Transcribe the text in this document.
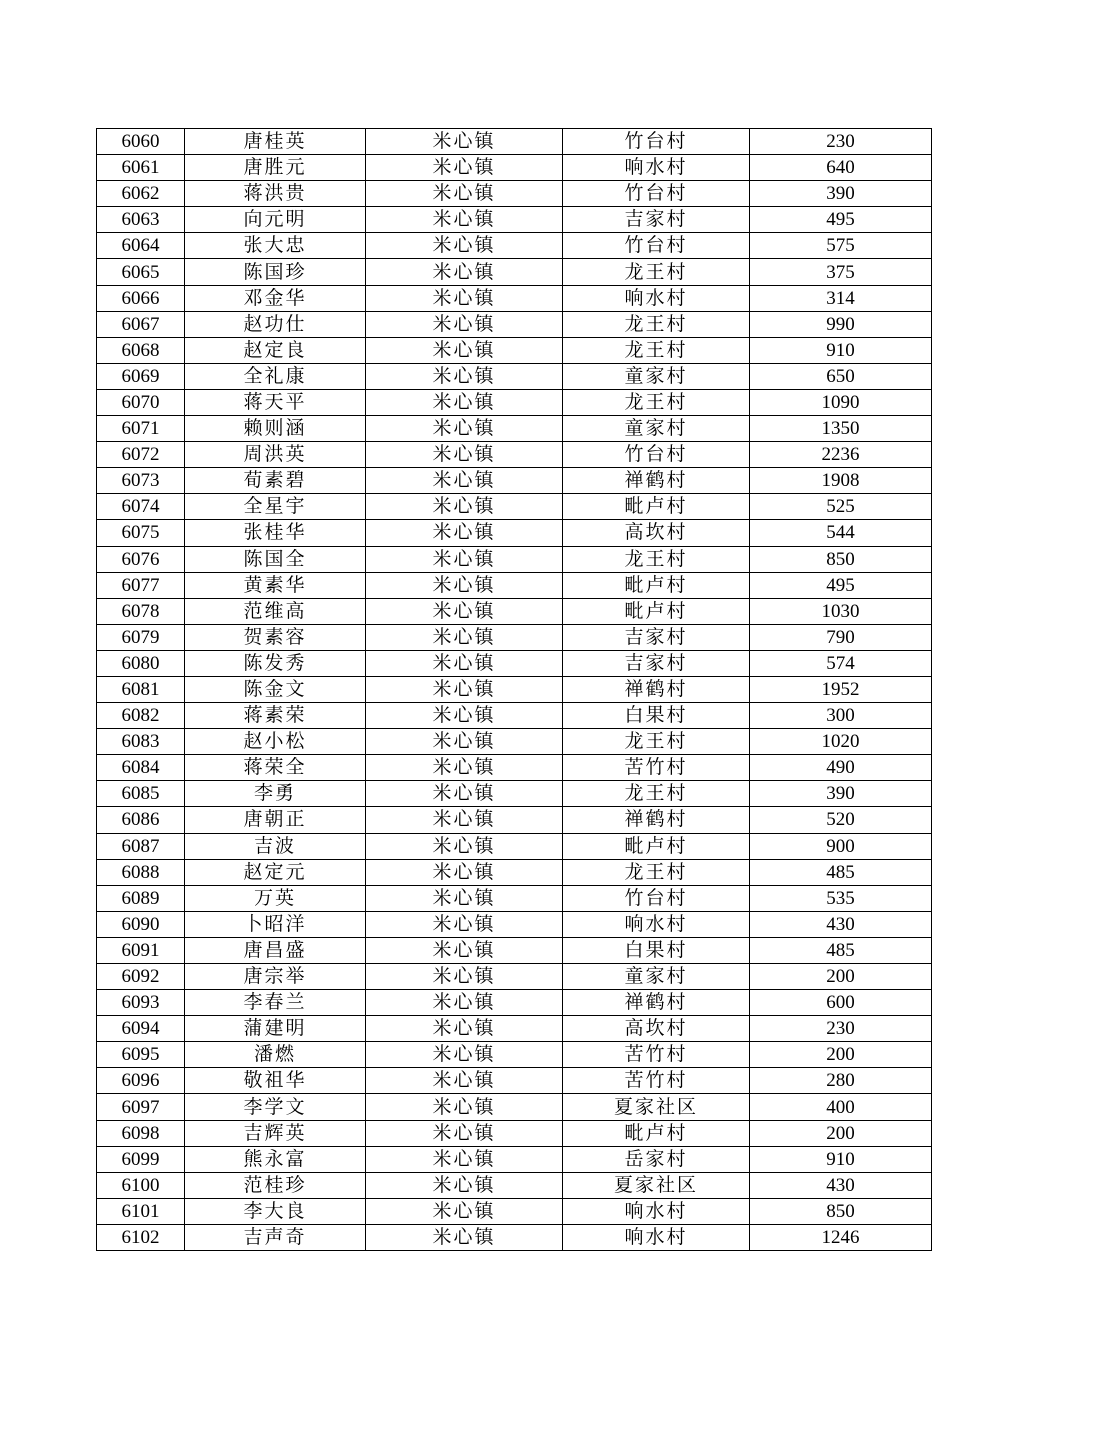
6060	唐桂英	米心镇	竹台村	230
6061	唐胜元	米心镇	响水村	640
6062	蒋洪贵	米心镇	竹台村	390
6063	向元明	米心镇	吉家村	495
6064	张大忠	米心镇	竹台村	575
6065	陈国珍	米心镇	龙王村	375
6066	邓金华	米心镇	响水村	314
6067	赵功仕	米心镇	龙王村	990
6068	赵定良	米心镇	龙王村	910
6069	全礼康	米心镇	童家村	650
6070	蒋天平	米心镇	龙王村	1090
6071	赖则涵	米心镇	童家村	1350
6072	周洪英	米心镇	竹台村	2236
6073	荀素碧	米心镇	禅鹤村	1908
6074	全星宇	米心镇	毗卢村	525
6075	张桂华	米心镇	高坎村	544
6076	陈国全	米心镇	龙王村	850
6077	黄素华	米心镇	毗卢村	495
6078	范维高	米心镇	毗卢村	1030
6079	贺素容	米心镇	吉家村	790
6080	陈发秀	米心镇	吉家村	574
6081	陈金文	米心镇	禅鹤村	1952
6082	蒋素荣	米心镇	白果村	300
6083	赵小松	米心镇	龙王村	1020
6084	蒋荣全	米心镇	苦竹村	490
6085	李勇	米心镇	龙王村	390
6086	唐朝正	米心镇	禅鹤村	520
6087	吉波	米心镇	毗卢村	900
6088	赵定元	米心镇	龙王村	485
6089	万英	米心镇	竹台村	535
6090	卜昭洋	米心镇	响水村	430
6091	唐昌盛	米心镇	白果村	485
6092	唐宗举	米心镇	童家村	200
6093	李春兰	米心镇	禅鹤村	600
6094	蒲建明	米心镇	高坎村	230
6095	潘燃	米心镇	苦竹村	200
6096	敬祖华	米心镇	苦竹村	280
6097	李学文	米心镇	夏家社区	400
6098	吉辉英	米心镇	毗卢村	200
6099	熊永富	米心镇	岳家村	910
6100	范桂珍	米心镇	夏家社区	430
6101	李大良	米心镇	响水村	850
6102	吉声奇	米心镇	响水村	1246
